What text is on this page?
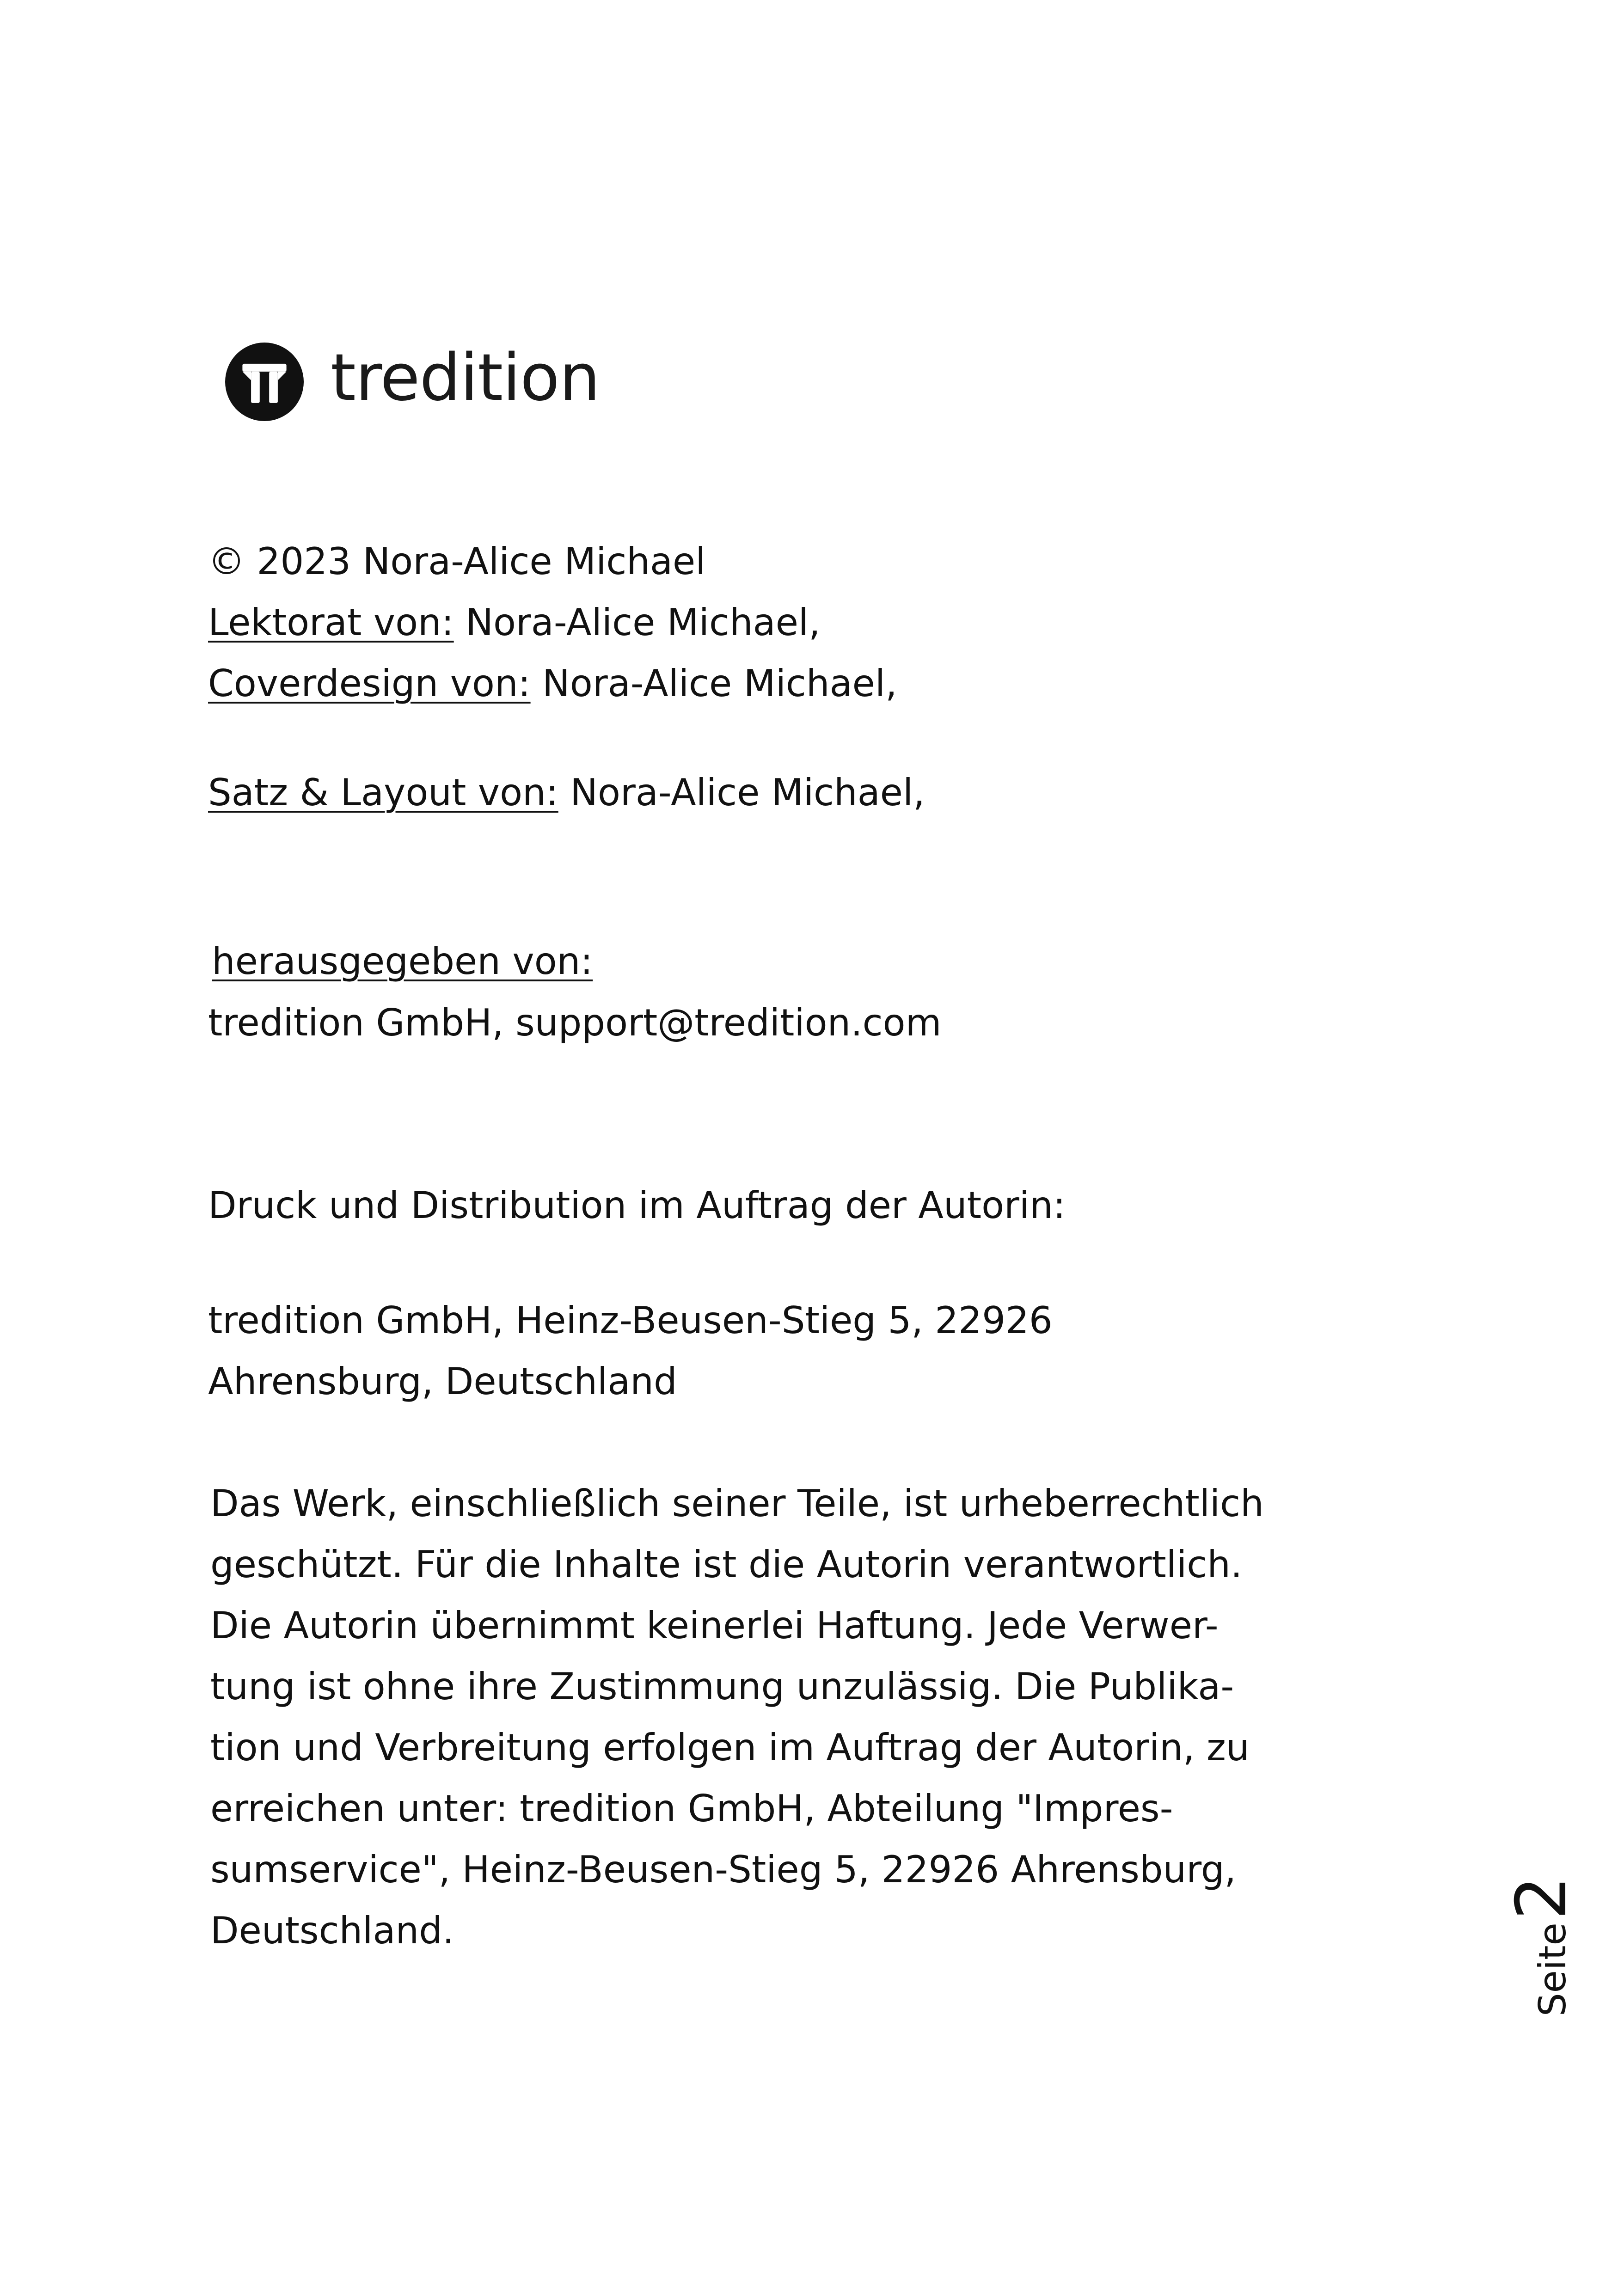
tredition
© 2023 Nora-Alice Michael
Lektorat von: Nora-Alice Michael,
Coverdesign von: Nora-Alice Michael,
Satz & Layout von: Nora-Alice Michael,
herausgegeben von:
tredition GmbH, support@tredition.com
Druck und Distribution im Auftrag der Autorin:
tredition GmbH, Heinz-Beusen-Stieg 5, 22926
Ahrensburg, Deutschland
Das Werk, einschließlich seiner Teile, ist urheberrechtlich
geschützt. Für die Inhalte ist die Autorin verantwortlich.
Die Autorin übernimmt keinerlei Haftung. Jede Verwer-
tung ist ohne ihre Zustimmung unzulässig. Die Publika-
tion und Verbreitung erfolgen im Auftrag der Autorin, zu
erreichen unter: tredition GmbH, Abteilung "Impres-
sumservice", Heinz-Beusen-Stieg 5, 22926 Ahrensburg,
Deutschland.	Seite
2
